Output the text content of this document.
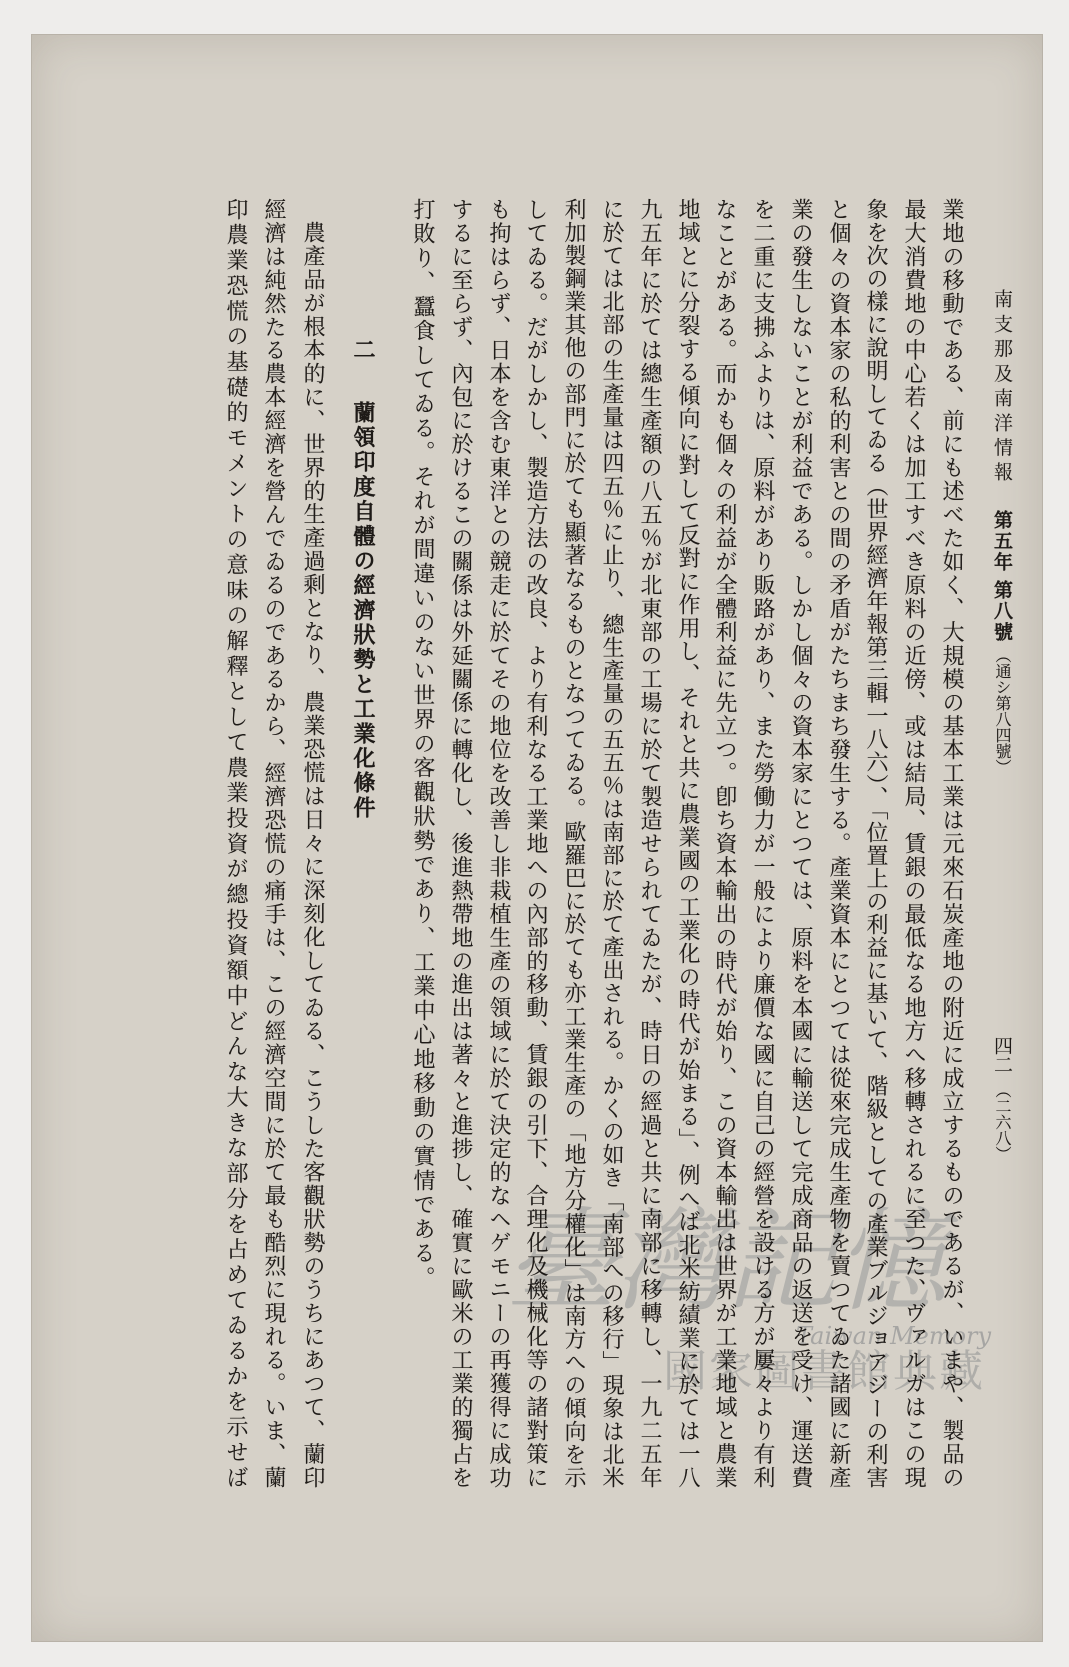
南支那及南洋情報
第五年
第八號
（通シ第八四號）
四二
（二六八）
業地の移動である、前にも述べた如く、大規模の基本工業は元來石炭產地の附近に成立するものであるが、いまや、製品の
最大消費地の中心若くは加工すべき原料の近傍、或は結局、賃銀の最低なる地方へ移轉されるに至つた、ヴァルガはこの現
象を次の樣に說明してゐる（世界經濟年報第三輯一八六）、「位置上の利益に基いて、階級としての產業ブルジョアジーの利害
と個々の資本家の私的利害との間の矛盾がたちまち發生する。產業資本にとつては從來完成生產物を賣つてゐた諸國に新產
業の發生しないことが利益である。しかし個々の資本家にとつては、原料を本國に輸送して完成商品の返送を受け、運送費
を二重に支拂ふよりは、原料があり販路があり、また勞働力が一般により廉價な國に自己の經營を設ける方が屢々より有利
なことがある。而かも個々の利益が全體利益に先立つ。卽ち資本輸出の時代が始り、この資本輸出は世界が工業地域と農業
地域とに分裂する傾向に對して反對に作用し、それと共に農業國の工業化の時代が始まる」、例へば北米紡績業に於ては一八
九五年に於ては總生產額の八五％が北東部の工場に於て製造せられてゐたが、時日の經過と共に南部に移轉し、一九二五年
に於ては北部の生產量は四五％に止り、總生產量の五五％は南部に於て產出される。かくの如き「南部への移行」現象は北米
利加製鋼業其他の部門に於ても顯著なるものとなつてゐる。歐羅巴に於ても亦工業生產の「地方分權化」は南方への傾向を示
してゐる。だがしかし、製造方法の改良、より有利なる工業地への內部的移動、賃銀の引下、合理化及機械化等の諸對策に
も拘はらず、日本を含む東洋との競走に於てその地位を改善し非栽植生產の領域に於て決定的なヘゲモニーの再獲得に成功
するに至らず、內包に於けるこの關係は外延關係に轉化し、後進熱帶地の進出は著々と進捗し、確實に歐米の工業的獨占を
打敗り、蠶食してゐる。それが間違いのない世界の客觀狀勢であり、工業中心地移動の實情である。
二
蘭領印度自體の經濟狀勢と工業化條件
農產品が根本的に、世界的生產過剩となり、農業恐慌は日々に深刻化してゐる、こうした客觀狀勢のうちにあつて、蘭印
經濟は純然たる農本經濟を營んでゐるのであるから、經濟恐慌の痛手は、この經濟空間に於て最も酷烈に現れる。いま、蘭
印農業恐慌の基礎的モメントの意味の解釋として農業投資が總投資額中どんな大きな部分を占めてゐるかを示せば 臺灣記憶
Taiwan Memory
國家圖書館典藏
